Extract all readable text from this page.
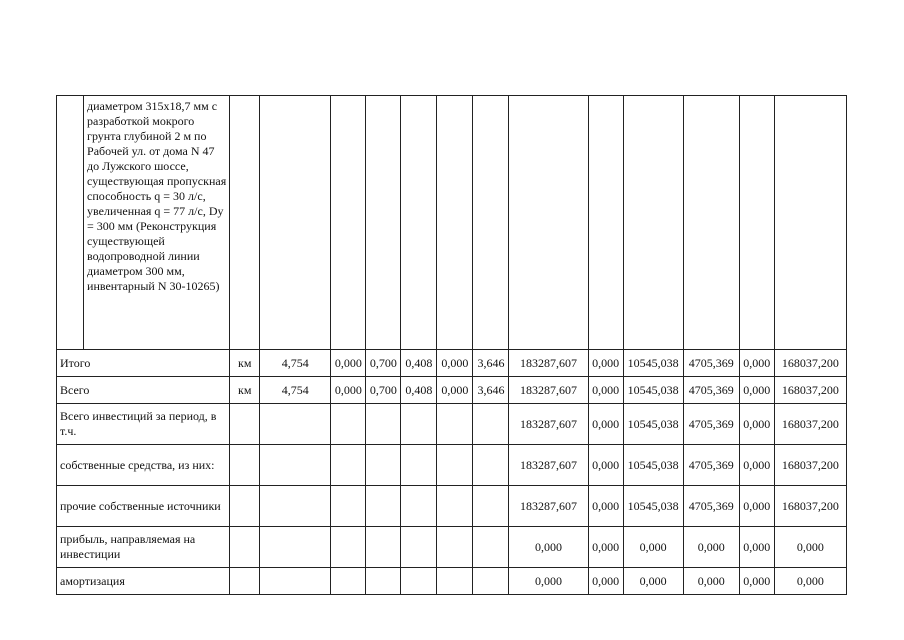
	диаметром 315x18,7 мм с разработкой мокрого грунта глубиной 2 м по Рабочей ул. от дома N 47 до Лужского шоссе, существующая пропускная способность q = 30 л/с, увеличенная q = 77 л/с, Dy = 300 мм (Реконструкция существующей водопроводной линии диаметром 300 мм, инвентарный N 30-10265)													
Итого		км	4,754	0,000	0,700	0,408	0,000	3,646	183287,607	0,000	10545,038	4705,369	0,000	168037,200
Всего		км	4,754	0,000	0,700	0,408	0,000	3,646	183287,607	0,000	10545,038	4705,369	0,000	168037,200
Всего инвестиций за период, в т.ч.									183287,607	0,000	10545,038	4705,369	0,000	168037,200
собственные средства, из них:									183287,607	0,000	10545,038	4705,369	0,000	168037,200
прочие собственные источники									183287,607	0,000	10545,038	4705,369	0,000	168037,200
прибыль, направляемая на инвестиции									0,000	0,000	0,000	0,000	0,000	0,000
амортизация									0,000	0,000	0,000	0,000	0,000	0,000
